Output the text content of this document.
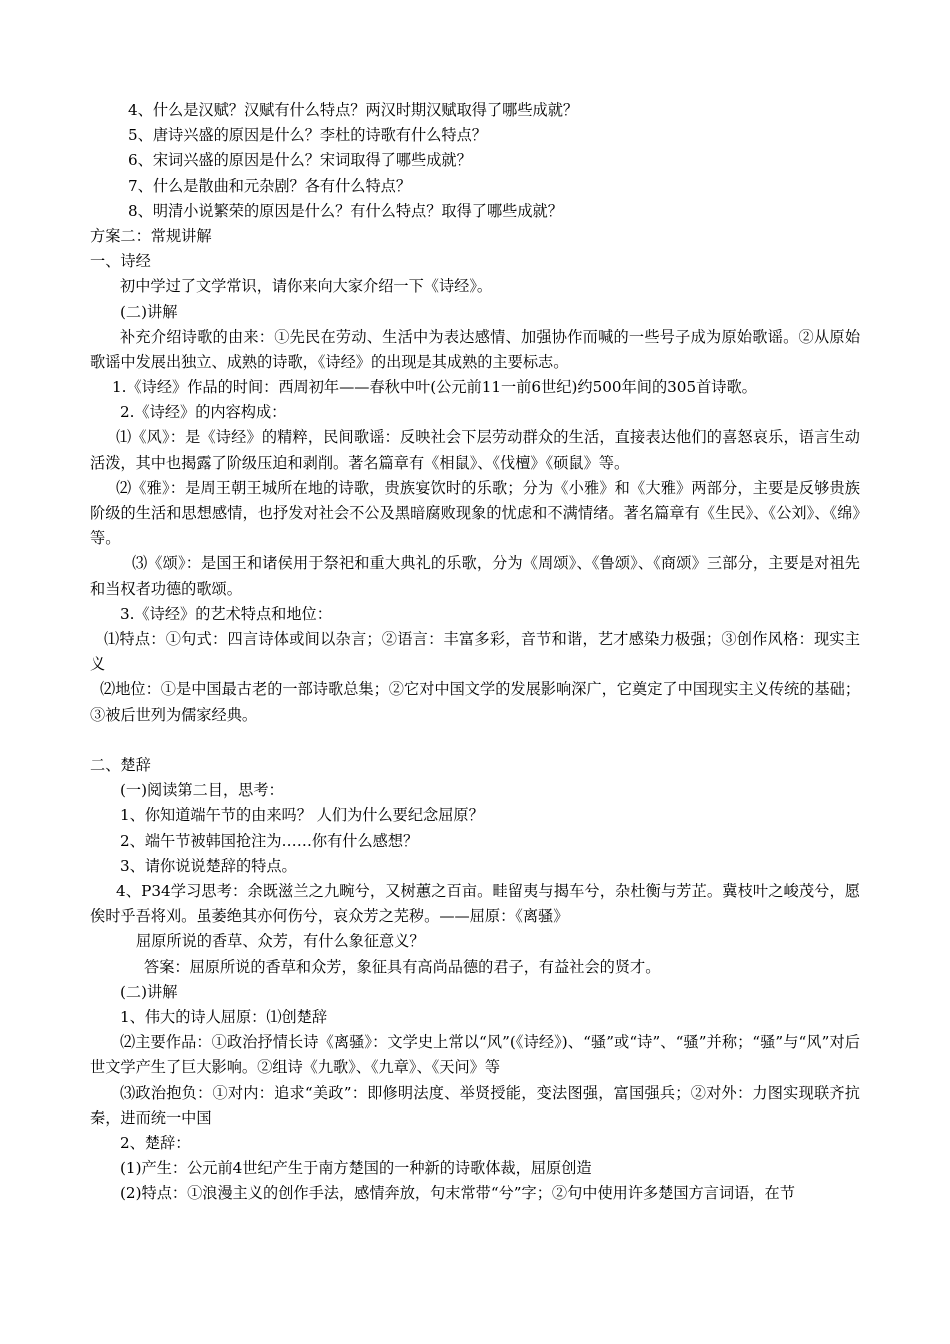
4、什么是汉赋？汉赋有什么特点？两汉时期汉赋取得了哪些成就？
5、唐诗兴盛的原因是什么？李杜的诗歌有什么特点？
6、宋词兴盛的原因是什么？宋词取得了哪些成就？
7、什么是散曲和元杂剧？各有什么特点？
8、明清小说繁荣的原因是什么？有什么特点？取得了哪些成就？
方案二：常规讲解
一、诗经
初中学过了文学常识，请你来向大家介绍一下《诗经》。
(二)讲解
补充介绍诗歌的由来：①先民在劳动、生活中为表达感情、加强协作而喊的一些号子成为原始歌谣。②从原始歌谣中发展出独立、成熟的诗歌，《诗经》的出现是其成熟的主要标志。
1.《诗经》作品的时间：西周初年——春秋中叶(公元前11一前6世纪)约500年间的305首诗歌。
2.《诗经》的内容构成：
⑴《风》：是《诗经》的精粹，民间歌谣：反映社会下层劳动群众的生活，直接表达他们的喜怒哀乐，语言生动活泼，其中也揭露了阶级压迫和剥削。著名篇章有《相鼠》、《伐檀》《硕鼠》等。
⑵《雅》：是周王朝王城所在地的诗歌，贵族宴饮时的乐歌；分为《小雅》和《大雅》两部分，主要是反够贵族阶级的生活和思想感情，也抒发对社会不公及黑暗腐败现象的忧虑和不满情绪。著名篇章有《生民》、《公刘》、《绵》等。
⑶《颂》：是国王和诸侯用于祭祀和重大典礼的乐歌，分为《周颂》、《鲁颂》、《商颂》三部分，主要是对祖先和当权者功德的歌颂。
3.《诗经》的艺术特点和地位：
⑴特点：①句式：四言诗体或间以杂言；②语言：丰富多彩，音节和谐，艺才感染力极强；③创作风格：现实主义
⑵地位：①是中国最古老的一部诗歌总集；②它对中国文学的发展影响深广，它奠定了中国现实主义传统的基础；③被后世列为儒家经典。
二、楚辞
(一)阅读第二目，思考：
1、你知道端午节的由来吗？ 人们为什么要纪念屈原？
2、端午节被韩国抢注为……你有什么感想？
3、请你说说楚辞的特点。
4、P34学习思考：余既滋兰之九畹兮，又树蕙之百亩。畦留夷与揭车兮，杂杜衡与芳芷。冀枝叶之峻茂兮，愿俟时乎吾将刈。虽萎绝其亦何伤兮，哀众芳之芜秽。——屈原：《离骚》
屈原所说的香草、众芳，有什么象征意义？
答案：屈原所说的香草和众芳，象征具有高尚品德的君子，有益社会的贤才。
(二)讲解
1、伟大的诗人屈原：⑴创楚辞
⑵主要作品：①政治抒情长诗《离骚》：文学史上常以“风”(《诗经》)、“骚”或“诗”、“骚”并称；“骚”与“风”对后世文学产生了巨大影响。②组诗《九歌》、《九章》、《天问》等
⑶政治抱负：①对内：追求“美政”：即修明法度、举贤授能，变法图强，富国强兵；②对外：力图实现联齐抗秦，进而统一中国
2、楚辞：
(1)产生：公元前4世纪产生于南方楚国的一种新的诗歌体裁，屈原创造
(2)特点：①浪漫主义的创作手法，感情奔放，句末常带“兮”字；②句中使用许多楚国方言词语，在节
